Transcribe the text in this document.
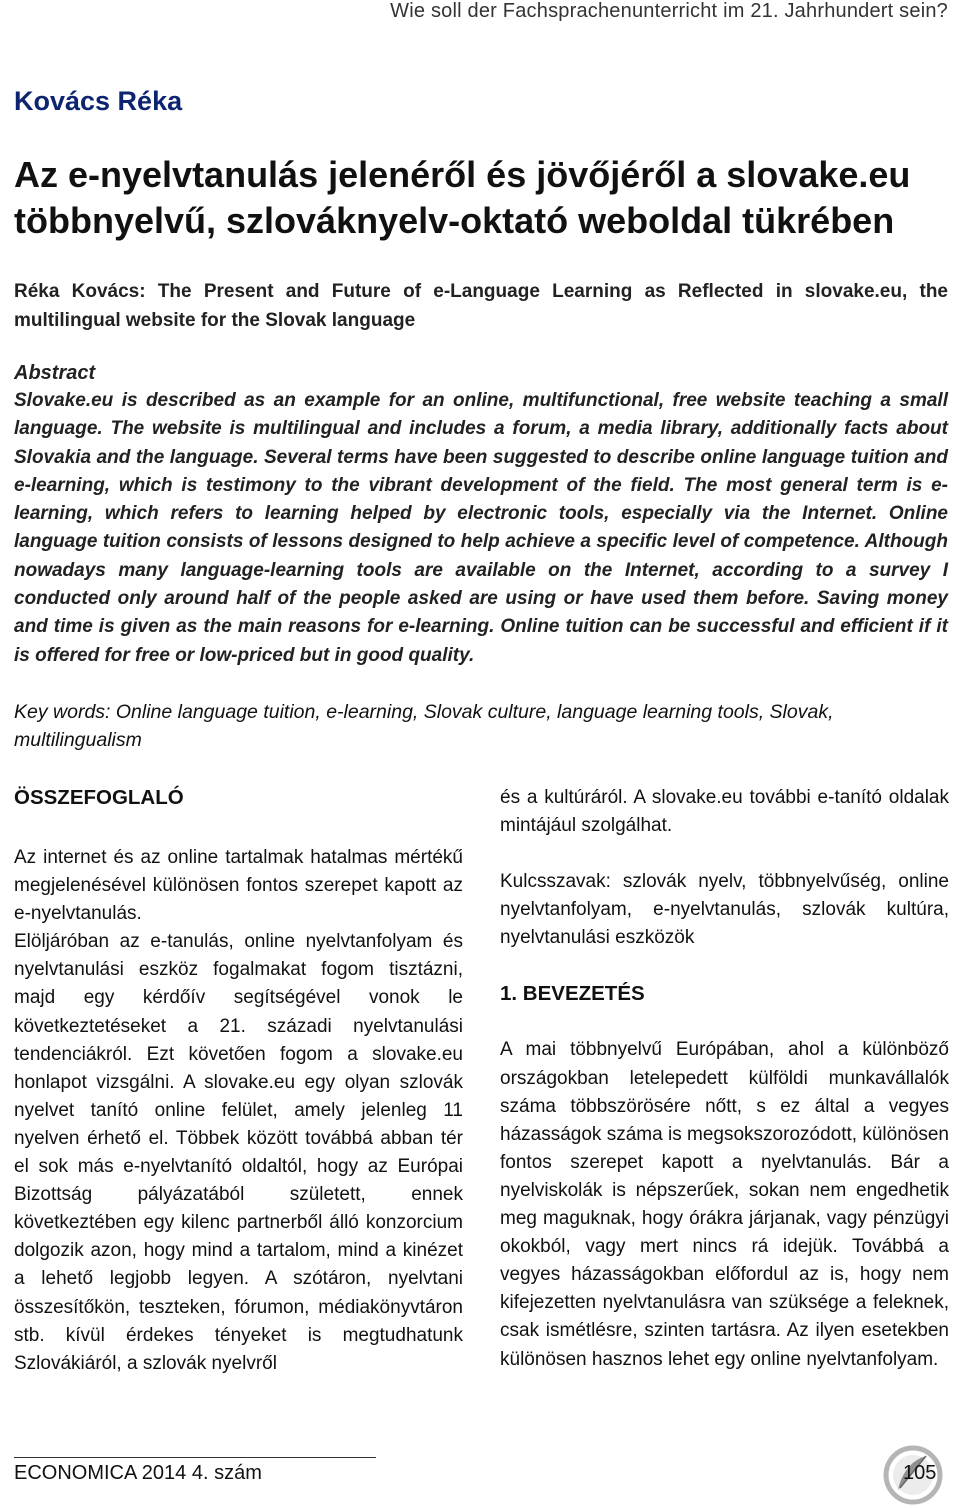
Wie soll der Fachsprachenunterricht im 21. Jahrhundert sein?
Kovács Réka
Az e-nyelvtanulás jelenéről és jövőjéről a slovake.eu
többnyelvű, szlováknyelv-oktató weboldal tükrében
Réka Kovács: The Present and Future of e-Language Learning as Reflected in slovake.eu, the multilingual website for the Slovak language
Abstract
Slovake.eu is described as an example for an online, multifunctional, free website teaching a small language. The website is multilingual and includes a forum, a media library, additionally facts about Slovakia and the language. Several terms have been suggested to describe online language tuition and e-learning, which is testimony to the vibrant development of the field. The most general term is e-learning, which refers to learning helped by electronic tools, especially via the Internet. Online language tuition consists of lessons designed to help achieve a specific level of competence. Although nowadays many language-learning tools are available on the Internet, according to a survey I conducted only around half of the people asked are using or have used them before. Saving money and time is given as the main reasons for e-learning. Online tuition can be successful and efficient if it is offered for free or low-priced but in good quality.
Key words: Online language tuition, e-learning, Slovak culture, language learning tools, Slovak, multilingualism

ÖSSZEFOGLALÓ

Az internet és az online tartalmak hatalmas mértékű megjelenésével különösen fontos szerepet kapott az e-nyelvtanulás.

Elöljáróban az e-tanulás, online nyelvtanfolyam és nyelvtanulási eszköz fogalmakat fogom tisztázni, majd egy kérdőív segítségével vonok le következtetéseket a 21. századi nyelvtanulási tendenciákról. Ezt követően fogom a slovake.eu honlapot vizsgálni. A slovake.eu egy olyan szlovák nyelvet tanító online felület, amely jelenleg 11 nyelven érhető el. Többek között továbbá abban tér el sok más e-nyelvtanító oldaltól, hogy az Európai Bizottság pályázatából született, ennek következtében egy kilenc partnerből álló konzorcium dolgozik azon, hogy mind a tartalom, mind a kinézet a lehető legjobb legyen. A szótáron, nyelvtani összesítőkön, teszteken, fórumon, médiakönyvtáron stb. kívül érdekes tényeket is megtudhatunk Szlovákiáról, a szlovák nyelvről

és a kultúráról. A slovake.eu további e-tanító oldalak mintájául szolgálhat.

Kulcsszavak: szlovák nyelv, többnyelvűség, online nyelvtanfolyam, e-nyelvtanulás, szlovák kultúra, nyelvtanulási eszközök

1. BEVEZETÉS

A mai többnyelvű Európában, ahol a különböző országokban letelepedett külföldi munkavállalók száma többszörösére nőtt, s ez által a vegyes házasságok száma is megsokszorozódott, különösen fontos szerepet kapott a nyelvtanulás. Bár a nyelviskolák is népszerűek, sokan nem engedhetik meg maguknak, hogy órákra járjanak, vagy pénzügyi okokból, vagy mert nincs rá idejük. Továbbá a vegyes házasságokban előfordul az is, hogy nem kifejezetten nyelvtanulásra van szüksége a feleknek, csak ismétlésre, szinten tartásra. Az ilyen esetekben különösen hasznos lehet egy online nyelvtanfolyam.

ECONOMICA 2014 4. szám	105
